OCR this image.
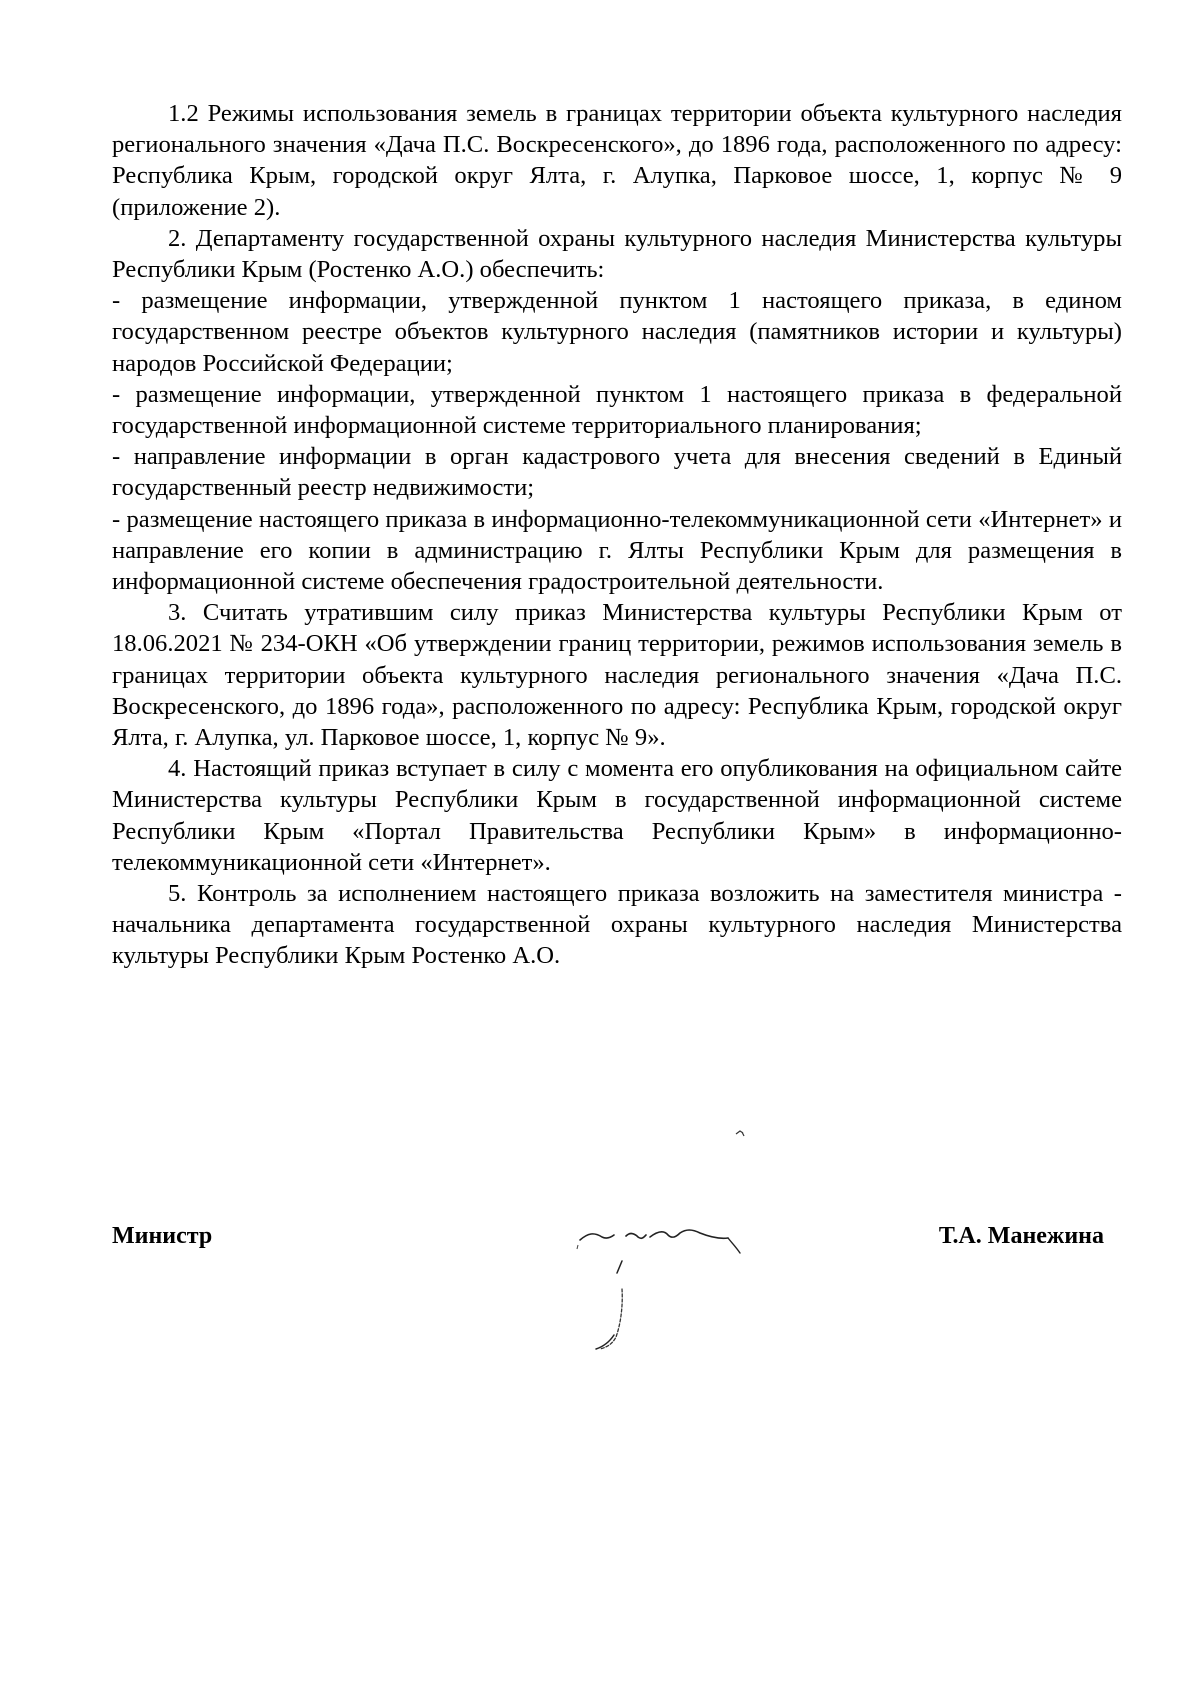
1.2 Режимы использования земель в границах территории объекта культурного наследия регионального значения «Дача П.С. Воскресенского», до 1896 года, расположенного по адресу: Республика Крым, городской округ Ялта, г. Алупка, Парковое шоссе, 1, корпус № 9 (приложение 2).

2. Департаменту государственной охраны культурного наследия Министерства культуры Республики Крым (Ростенко А.О.) обеспечить:

- размещение информации, утвержденной пунктом 1 настоящего приказа, в едином государственном реестре объектов культурного наследия (памятников истории и культуры) народов Российской Федерации;

- размещение информации, утвержденной пунктом 1 настоящего приказа в федеральной государственной информационной системе территориального планирования;

- направление информации в орган кадастрового учета для внесения сведений в Единый государственный реестр недвижимости;

- размещение настоящего приказа в информационно-телекоммуникационной сети «Интернет» и направление его копии в администрацию г. Ялты Республики Крым для размещения в информационной системе обеспечения градостроительной деятельности.

3. Считать утратившим силу приказ Министерства культуры Республики Крым от 18.06.2021 № 234-ОКН «Об утверждении границ территории, режимов использования земель в границах территории объекта культурного наследия регионального значения «Дача П.С. Воскресенского, до 1896 года», расположенного по адресу: Республика Крым, городской округ Ялта, г. Алупка, ул. Парковое шоссе, 1, корпус № 9».

4. Настоящий приказ вступает в силу с момента его опубликования на официальном сайте Министерства культуры Республики Крым в государственной информационной системе Республики Крым «Портал Правительства Республики Крым» в информационно-телекоммуникационной сети «Интернет».

5. Контроль за исполнением настоящего приказа возложить на заместителя министра - начальника департамента государственной охраны культурного наследия Министерства культуры Республики Крым Ростенко А.О.

Министр	Т.А. Манежина
